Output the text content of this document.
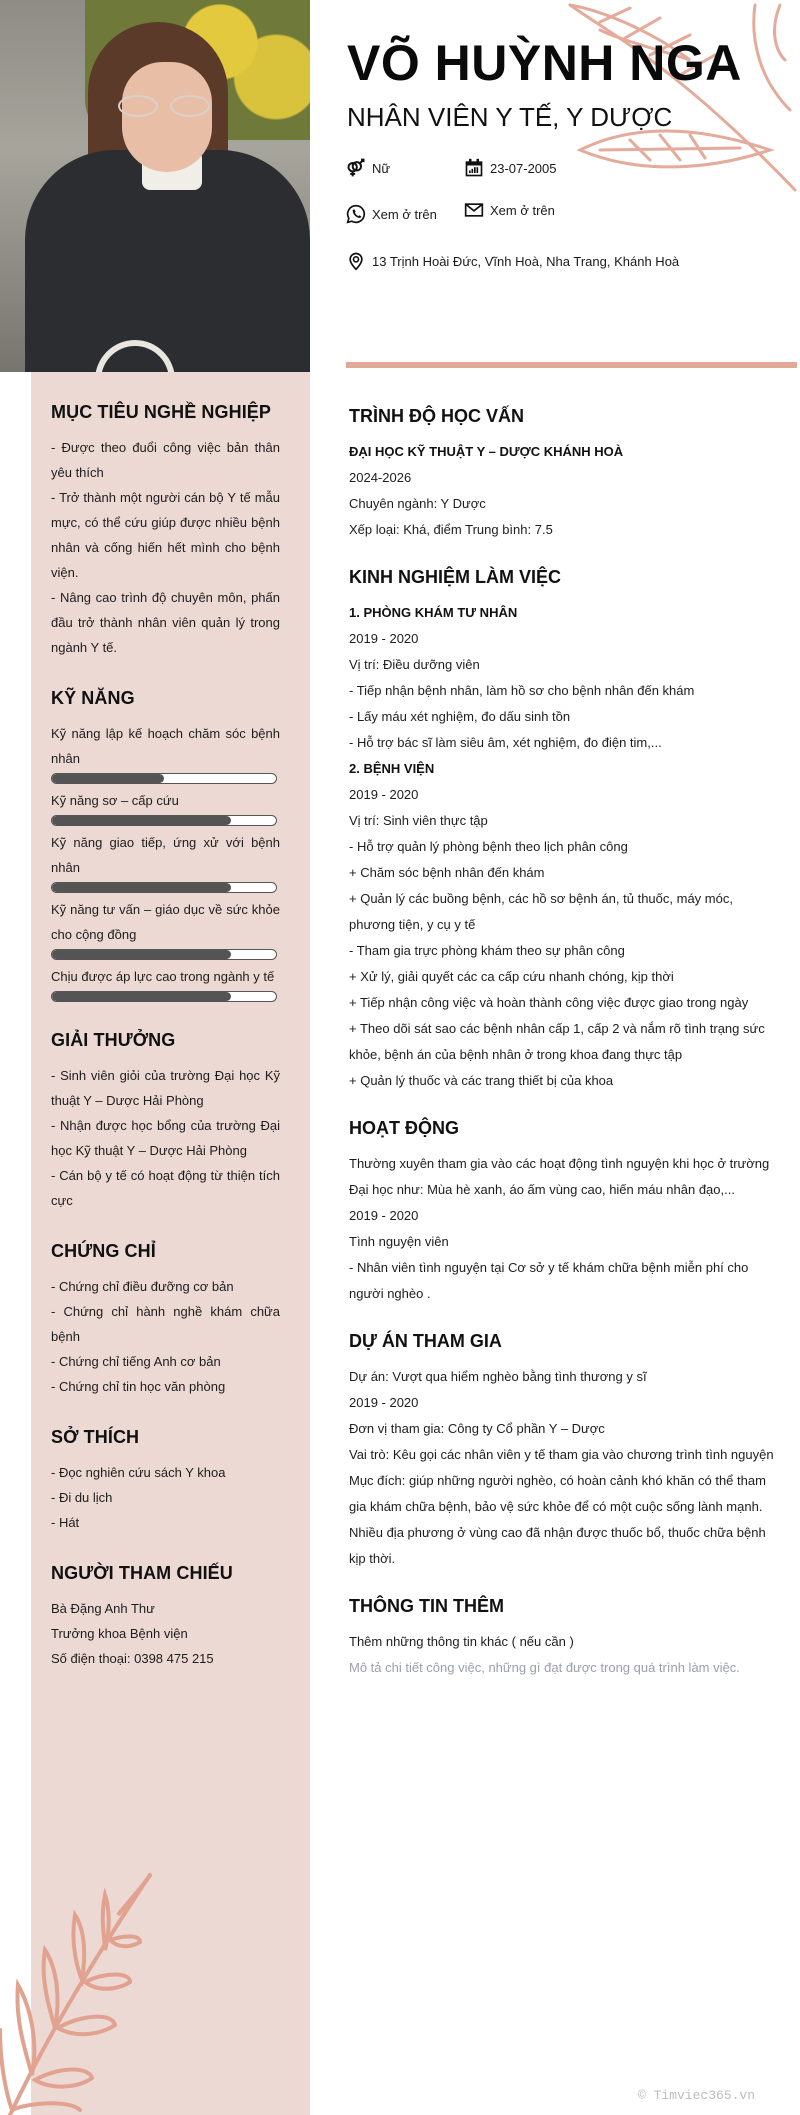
VÕ HUỲNH NGA
NHÂN VIÊN Y TẾ, Y DƯỢC
Nữ	23-07-2005
Xem ở trên	Xem ở trên
13 Trịnh Hoài Đức, Vĩnh Hoà, Nha Trang, Khánh Hoà
MỤC TIÊU NGHỀ NGHIỆP
- Được theo đuổi công việc bản thân yêu thích
- Trở thành một người cán bộ Y tế mẫu mực, có thể cứu giúp được nhiều bệnh nhân và cống hiến hết mình cho bệnh viện.
- Nâng cao trình độ chuyên môn, phấn đầu trở thành nhân viên quản lý trong ngành Y tế.
KỸ NĂNG
Kỹ năng lập kế hoạch chăm sóc bệnh nhân
Kỹ năng sơ – cấp cứu
Kỹ năng giao tiếp, ứng xử với bệnh nhân
Kỹ năng tư vấn – giáo dục về sức khỏe cho cộng đồng
Chịu được áp lực cao trong ngành y tế
GIẢI THƯỞNG
- Sinh viên giỏi của trường Đại học Kỹ thuật Y – Dược Hải Phòng
- Nhận được học bổng của trường Đại học Kỹ thuật Y – Dược Hải Phòng
- Cán bộ y tế có hoạt động từ thiện tích cực
CHỨNG CHỈ
- Chứng chỉ điều đưỡng cơ bản
- Chứng chỉ hành nghề khám chữa bệnh
- Chứng chỉ tiếng Anh cơ bản
- Chứng chỉ tin học văn phòng
SỞ THÍCH
- Đọc nghiên cứu sách Y khoa
- Đi du lịch
- Hát
NGƯỜI THAM CHIẾU
Bà Đặng Anh Thư
Trưởng khoa Bệnh viện
Số điện thoại: 0398 475 215
TRÌNH ĐỘ HỌC VẤN
ĐẠI HỌC KỸ THUẬT Y – DƯỢC KHÁNH HOÀ
2024-2026
Chuyên ngành: Y Dược
Xếp loại: Khá, điểm Trung bình: 7.5
KINH NGHIỆM LÀM VIỆC
1. PHÒNG KHÁM TƯ NHÂN
2019 - 2020
Vị trí: Điều dưỡng viên
- Tiếp nhận bệnh nhân, làm hồ sơ cho bệnh nhân đến khám
- Lấy máu xét nghiệm, đo dấu sinh tồn
- Hỗ trợ bác sĩ làm siêu âm, xét nghiệm, đo điện tim,...
2. BỆNH VIỆN
2019 - 2020
Vị trí: Sinh viên thực tập
- Hỗ trợ quản lý phòng bệnh theo lịch phân công
+ Chăm sóc bệnh nhân đến khám
+ Quản lý các buồng bệnh, các hồ sơ bệnh án, tủ thuốc, máy móc, phương tiện, y cụ y tế
- Tham gia trực phòng khám theo sự phân công
+ Xử lý, giải quyết các ca cấp cứu nhanh chóng, kịp thời
+ Tiếp nhận công việc và hoàn thành công việc được giao trong ngày
+ Theo dõi sát sao các bệnh nhân cấp 1, cấp 2 và nắm rõ tình trạng sức khỏe, bệnh án của bệnh nhân ở trong khoa đang thực tập
+ Quản lý thuốc và các trang thiết bị của khoa
HOẠT ĐỘNG
Thường xuyên tham gia vào các hoạt động tình nguyện khi học ở trường Đại học như: Mùa hè xanh, áo ấm vùng cao, hiến máu nhân đạo,...
2019 - 2020
Tình nguyện viên
- Nhân viên tình nguyện tại Cơ sở y tế khám chữa bệnh miễn phí cho người nghèo .
DỰ ÁN THAM GIA
Dự án: Vượt qua hiểm nghèo bằng tình thương y sĩ
2019 - 2020
Đơn vị tham gia: Công ty Cổ phần Y – Dược
Vai trò: Kêu gọi các nhân viên y tế tham gia vào chương trình tình nguyện
Mục đích: giúp những người nghèo, có hoàn cảnh khó khăn có thể tham gia khám chữa bệnh, bảo vệ sức khỏe để có một cuộc sống lành mạnh. Nhiều địa phương ở vùng cao đã nhận được thuốc bổ, thuốc chữa bệnh kịp thời.
THÔNG TIN THÊM
Thêm những thông tin khác ( nếu cần )
Mô tả chi tiết công việc, những gì đạt được trong quá trình làm việc.
© Timviec365.vn
